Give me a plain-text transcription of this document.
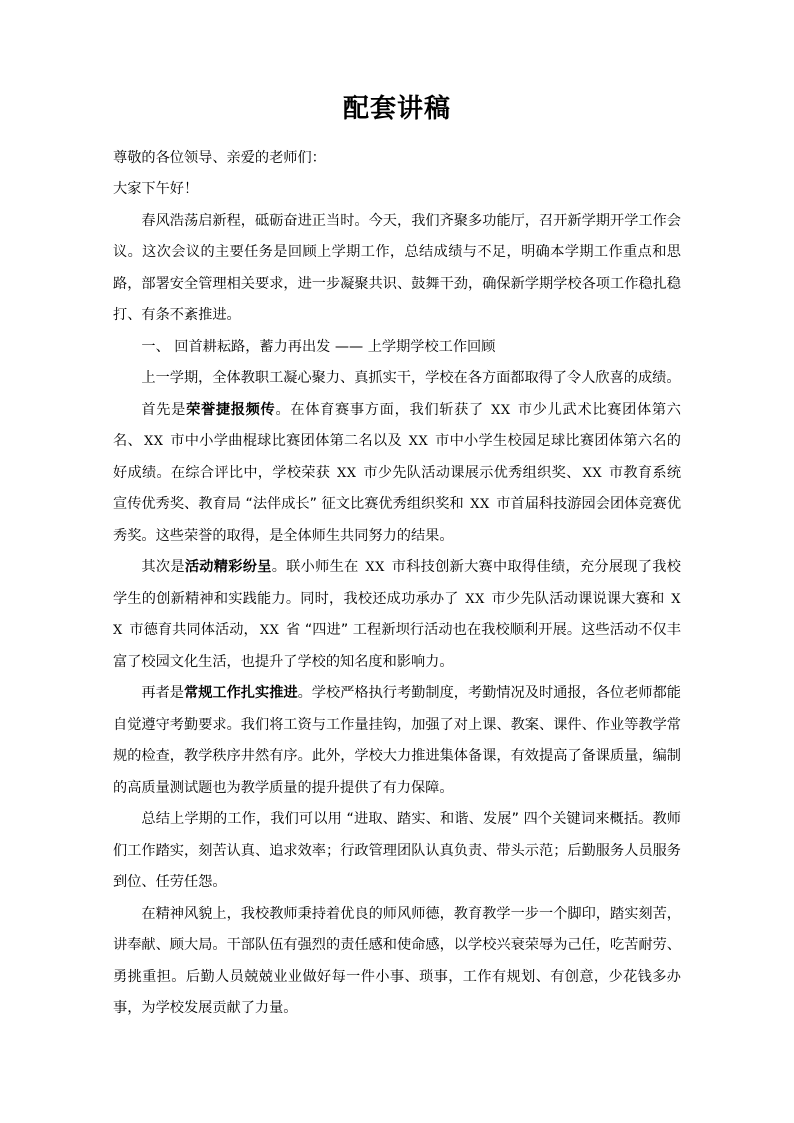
配套讲稿

尊敬的各位领导、亲爱的老师们：

大家下午好！

春风浩荡启新程，砥砺奋进正当时。今天，我们齐聚多功能厅，召开新学期开学工作会议。这次会议的主要任务是回顾上学期工作，总结成绩与不足，明确本学期工作重点和思路，部署安全管理相关要求，进一步凝聚共识、鼓舞干劲，确保新学期学校各项工作稳扎稳打、有条不紊推进。

一、 回首耕耘路，蓄力再出发 —— 上学期学校工作回顾

上一学期，全体教职工凝心聚力、真抓实干，学校在各方面都取得了令人欣喜的成绩。

首先是荣誉捷报频传。在体育赛事方面，我们斩获了 XX 市少儿武术比赛团体第六名、 XX 市中小学曲棍球比赛团体第二名以及 XX 市中小学生校园足球比赛团体第六名的好成绩。在综合评比中，学校荣获 XX 市少先队活动课展示优秀组织奖、 XX 市教育系统宣传优秀奖、教育局 “法伴成长” 征文比赛优秀组织奖和 XX 市首届科技游园会团体竞赛优秀奖。这些荣誉的取得，是全体师生共同努力的结果。

其次是活动精彩纷呈。联小师生在 XX 市科技创新大赛中取得佳绩，充分展现了我校学生的创新精神和实践能力。同时，我校还成功承办了 XX 市少先队活动课说课大赛和 XX 市德育共同体活动， XX 省 “四进” 工程新坝行活动也在我校顺利开展。这些活动不仅丰富了校园文化生活，也提升了学校的知名度和影响力。

再者是常规工作扎实推进。学校严格执行考勤制度，考勤情况及时通报，各位老师都能自觉遵守考勤要求。我们将工资与工作量挂钩，加强了对上课、教案、课件、作业等教学常规的检查，教学秩序井然有序。此外，学校大力推进集体备课，有效提高了备课质量，编制的高质量测试题也为教学质量的提升提供了有力保障。

总结上学期的工作，我们可以用 “进取、踏实、和谐、发展” 四个关键词来概括。教师们工作踏实，刻苦认真、追求效率；行政管理团队认真负责、带头示范；后勤服务人员服务到位、任劳任怨。

在精神风貌上，我校教师秉持着优良的师风师德，教育教学一步一个脚印，踏实刻苦，讲奉献、顾大局。干部队伍有强烈的责任感和使命感，以学校兴衰荣辱为己任，吃苦耐劳、勇挑重担。后勤人员兢兢业业做好每一件小事、琐事，工作有规划、有创意，少花钱多办事，为学校发展贡献了力量。
